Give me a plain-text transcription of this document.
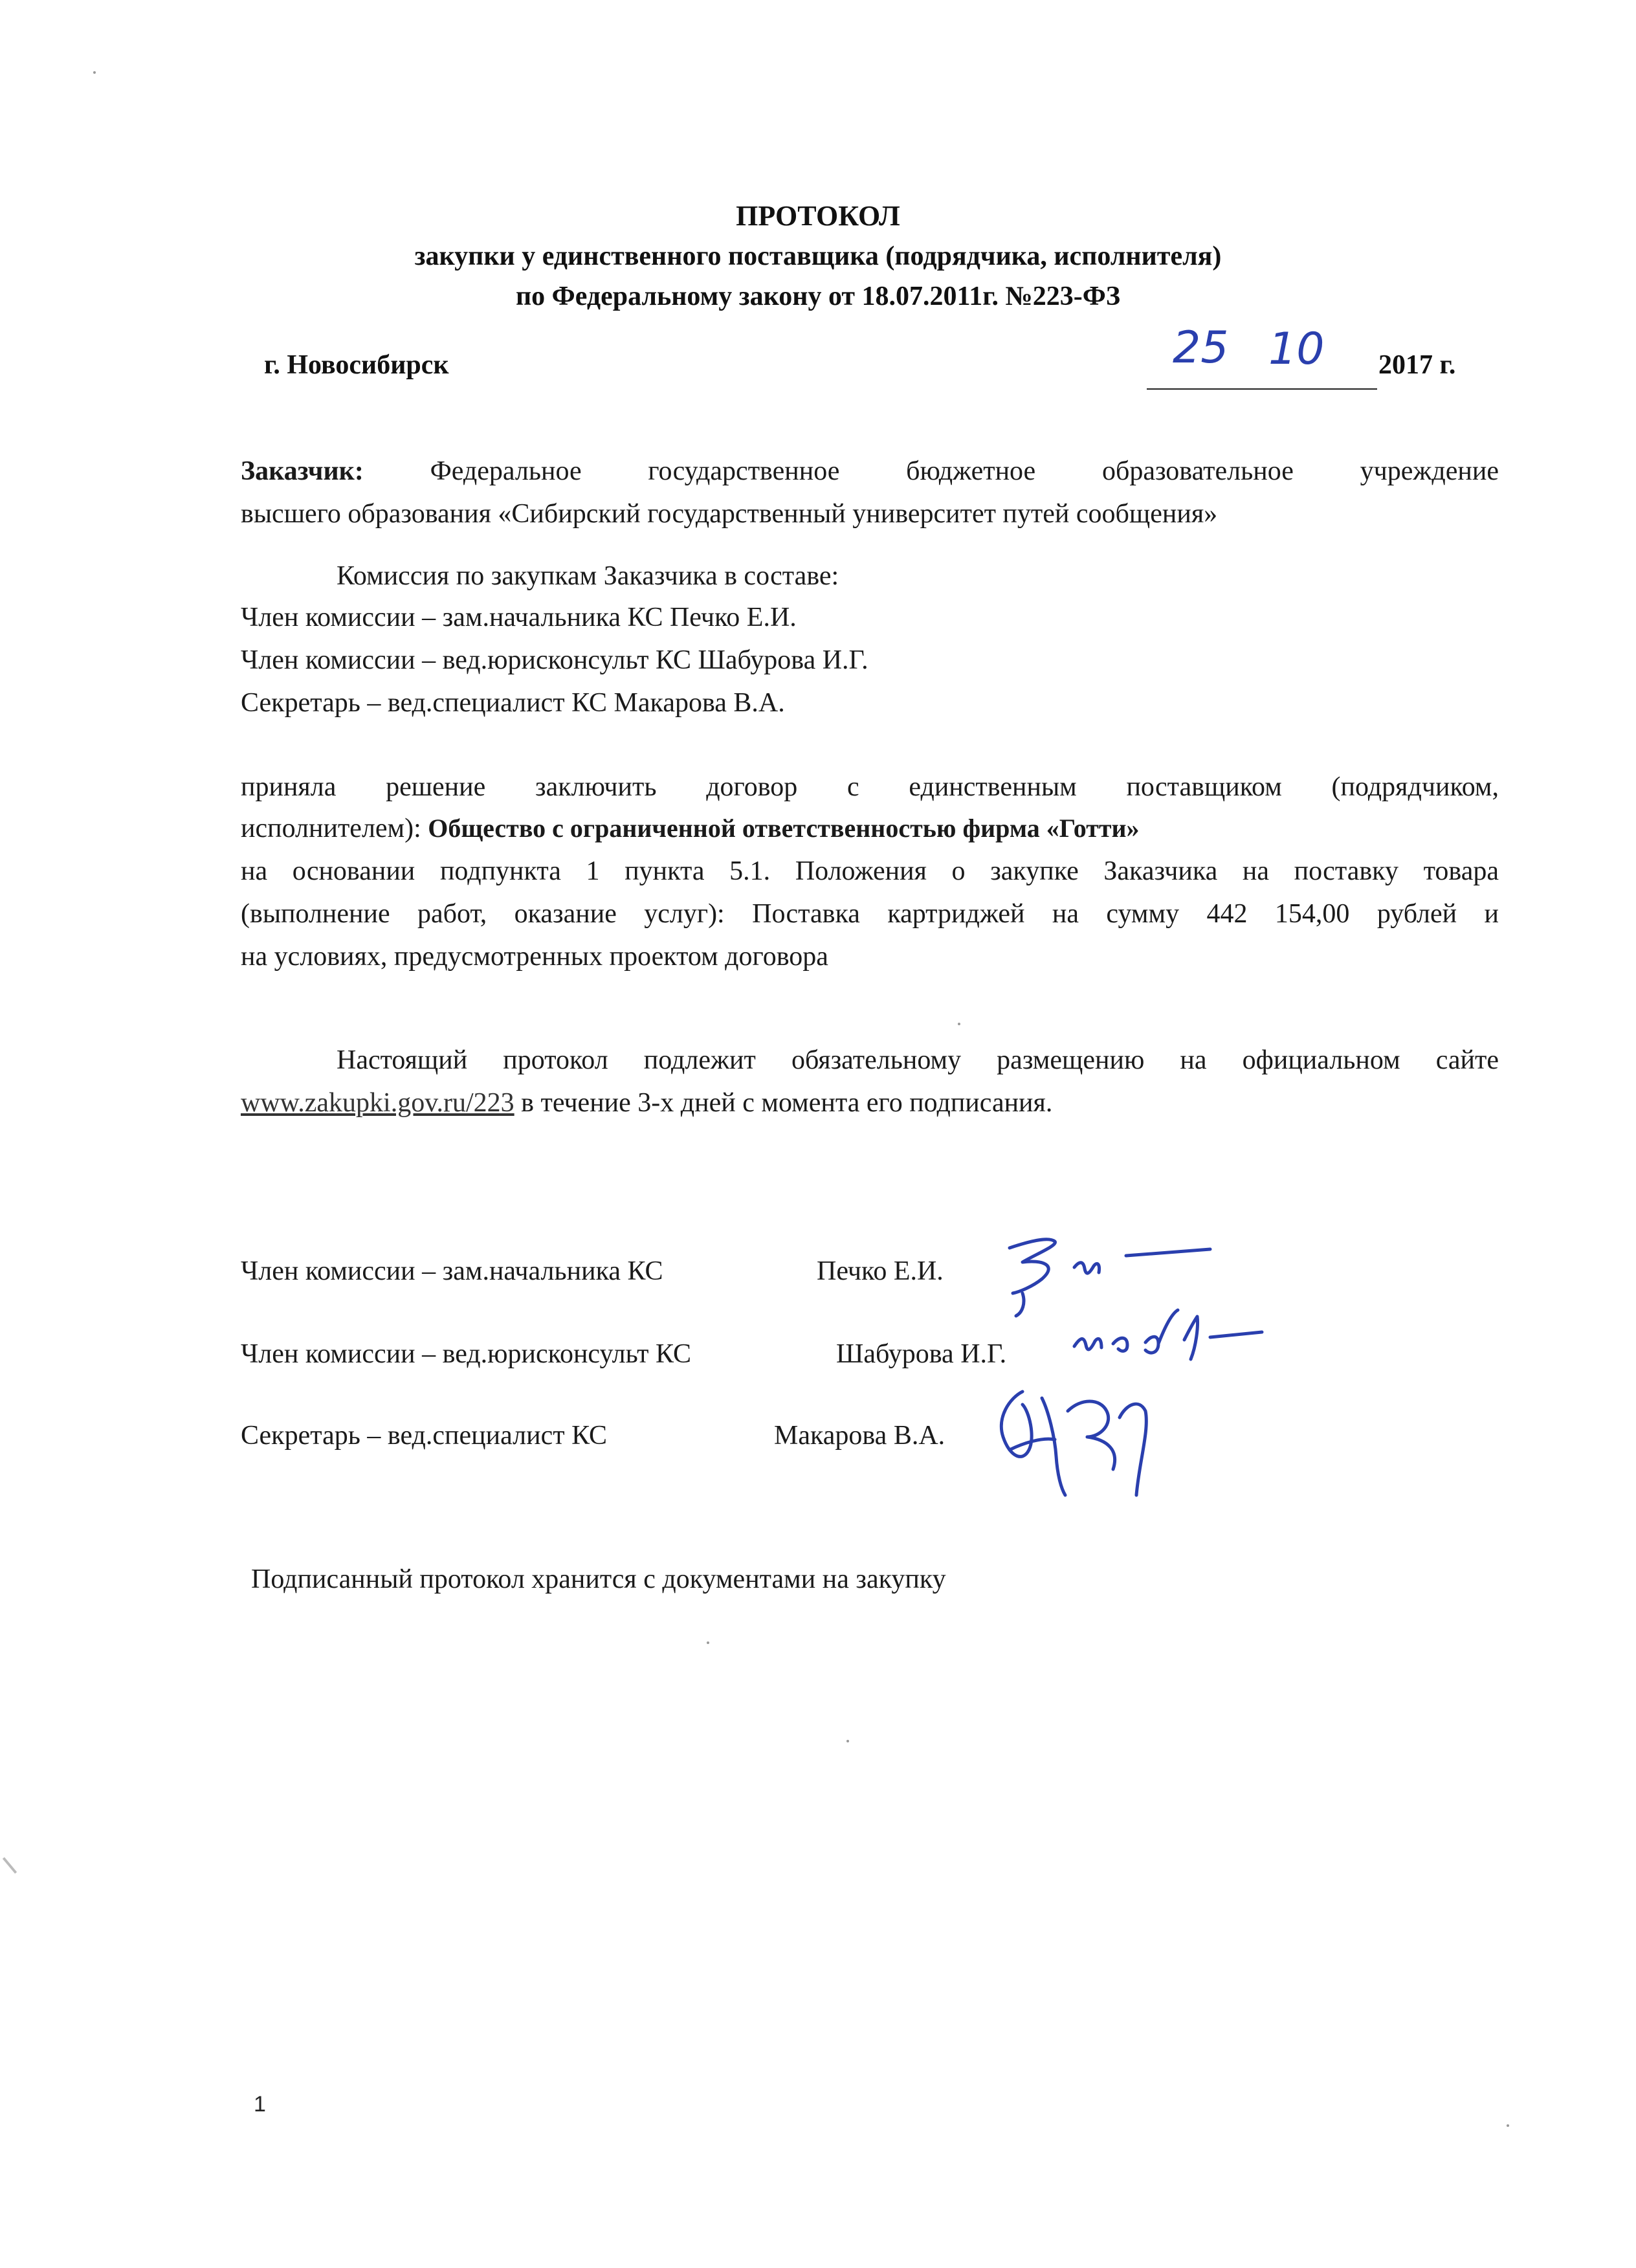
ПРОТОКОЛ
закупки у единственного поставщика (подрядчика, исполнителя)
по Федеральному закону от 18.07.2011г. №223-ФЗ
г. Новосибирск	25 10 2017 г.
Заказчик: Федеральное государственное бюджетное образовательное учреждение
высшего образования «Сибирский государственный университет путей сообщения»
Комиссия по закупкам Заказчика в составе:
Член комиссии – зам.начальника КС Печко Е.И.
Член комиссии – вед.юрисконсульт КС Шабурова И.Г.
Секретарь – вед.специалист КС Макарова В.А.
приняла решение заключить договор с единственным поставщиком (подрядчиком,
исполнителем): Общество с ограниченной ответственностью фирма «Готти»
на основании подпункта 1 пункта 5.1. Положения о закупке Заказчика на поставку товара
(выполнение работ, оказание услуг): Поставка картриджей на сумму 442 154,00 рублей и
на условиях, предусмотренных проектом договора
Настоящий протокол подлежит обязательному размещению на официальном сайте
www.zakupki.gov.ru/223 в течение 3-х дней с момента его подписания.
Член комиссии – зам.начальника КС	Печко Е.И.
Член комиссии – вед.юрисконсульт КС	Шабурова И.Г.
Секретарь – вед.специалист КС	Макарова В.А.
Подписанный протокол хранится с документами на закупку
1
